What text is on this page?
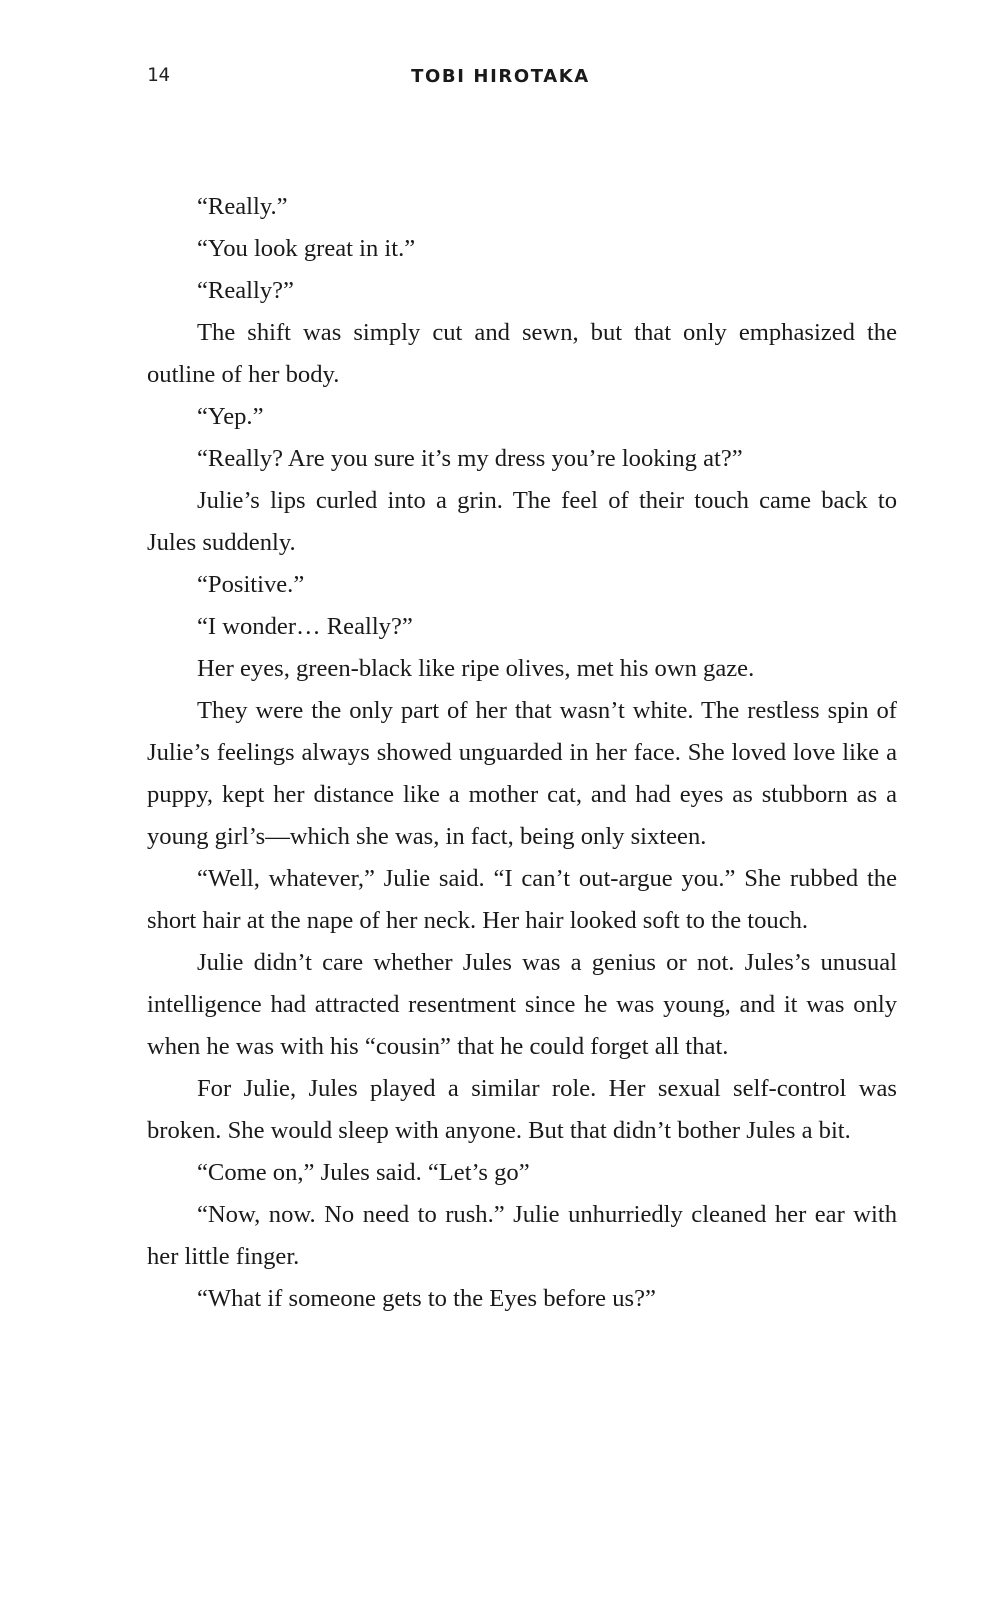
14	TOBI HIROTAKA

“Really.”

“You look great in it.”

“Really?”

The shift was simply cut and sewn, but that only emphasized the outline of her body.

“Yep.”

“Really? Are you sure it’s my dress you’re looking at?”

Julie’s lips curled into a grin. The feel of their touch came back to Jules suddenly.

“Positive.”

“I wonder… Really?”

Her eyes, green-black like ripe olives, met his own gaze.

They were the only part of her that wasn’t white. The restless spin of Julie’s feelings always showed unguarded in her face. She loved love like a puppy, kept her distance like a mother cat, and had eyes as stubborn as a young girl’s—which she was, in fact, being only sixteen.

“Well, whatever,” Julie said. “I can’t out-argue you.” She rubbed the short hair at the nape of her neck. Her hair looked soft to the touch.

Julie didn’t care whether Jules was a genius or not. Jules’s unusual intelligence had attracted resentment since he was young, and it was only when he was with his “cousin” that he could forget all that.

For Julie, Jules played a similar role. Her sexual self-control was broken. She would sleep with anyone. But that didn’t bother Jules a bit.

“Come on,” Jules said. “Let’s go”

“Now, now. No need to rush.” Julie unhurriedly cleaned her ear with her little finger.

“What if someone gets to the Eyes before us?”
